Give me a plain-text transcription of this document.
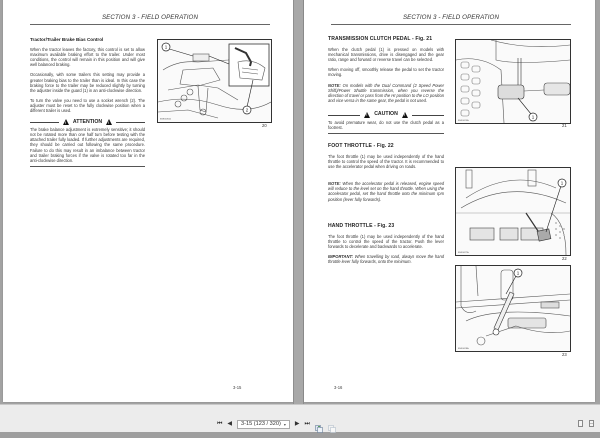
SECTION 3 - FIELD OPERATION
Tractor/Trailer Brake Bias Control

When the tractor leaves the factory, this control is set to allow maximum available braking effort to the trailer. Under most conditions, the control will remain in this position and will give well balanced braking.

Occasionally, with some trailers this setting may provide a greater braking bias to the trailer than is ideal. In this case the braking force to the trailer may be reduced slightly by turning the adjuster inside the guard (1) in an anti-clockwise direction.

To turn the valve you need to use a socket wrench (2). The adjuster must be reset to the fully clockwise position when a different trailer is used.

!
ATTENTION
!

The brake balance adjustment is extremely sensitive; it should not be rotated more than one half turn before testing with the attached trailer fully loaded. If further adjustments are required, they should be carried out following the same procedure. Failure to do this may result in an imbalance between tractor and trailer braking forces if the valve is rotated too far in the anti-clockwise direction.

1
2
BSE0081A
20
3-15
SECTION 3 - FIELD OPERATION
TRANSMISSION CLUTCH PEDAL - Fig. 21

When the clutch pedal (1) is pressed on models with mechanical transmissions, drive is disengaged and the gear ratio, range and forward or reverse travel can be selected.

When moving off, smoothly release the pedal to set the tractor moving.

NOTE: On models with the Dual Command (2 Speed Power Shift)/Power Shuttle transmission, when you reverse the direction of travel or pass from the HI position to the LO position and vice versa in the same gear, the pedal is not used.

!
CAUTION
!

To avoid premature wear, do not use the clutch pedal as a footrest.

FOOT THROTTLE - Fig. 22

The foot throttle (1) may be used independently of the hand throttle to control the speed of the tractor. It is recommended to use the accelerator pedal when driving on roads.

NOTE: When the accelerator pedal is released, engine speed will reduce to the level set on the hand throttle. When using the accelerator pedal, set the hand throttle onto the minimum rpm position (lever fully forwards).

HAND THROTTLE - Fig. 23

The foot throttle (1) may be used independently of the hand throttle to control the speed of the tractor. Push the lever forwards to decelerate and backwards to accelerate.

IMPORTANT: When travelling by road, always move the hand throttle lever fully forwards, onto the minimum.

1
BSF0025A
21
1
BSF0027A
22
1
BSF0028A
23
3-16
⏮ ◀ 3-15 (123 / 320) ▾ ▶ ⏭
